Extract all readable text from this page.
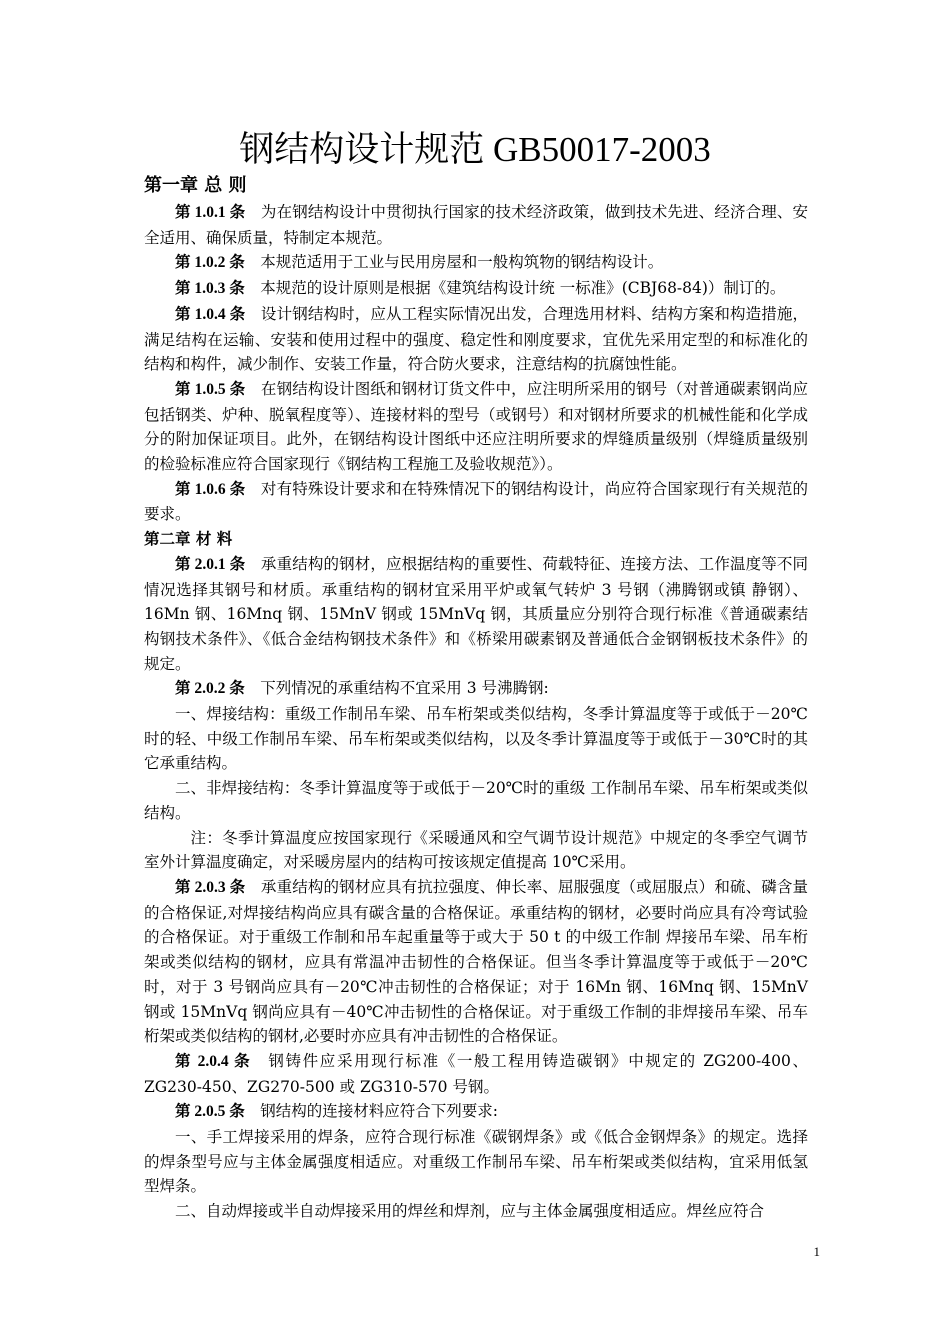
钢结构设计规范 GB50017-2003
第一章 总 则

第 1.0.1 条 为在钢结构设计中贯彻执行国家的技术经济政策，做到技术先进、经济合理、安全适用、确保质量，特制定本规范。

第 1.0.2 条 本规范适用于工业与民用房屋和一般构筑物的钢结构设计。

第 1.0.3 条 本规范的设计原则是根据《建筑结构设计统 一标准》(CBJ68-84)）制订的。

第 1.0.4 条 设计钢结构时，应从工程实际情况出发，合理选用材料、结构方案和构造措施，满足结构在运输、安装和使用过程中的强度、稳定性和刚度要求，宜优先采用定型的和标准化的结构和构件，减少制作、安装工作量，符合防火要求，注意结构的抗腐蚀性能。

第 1.0.5 条 在钢结构设计图纸和钢材订货文件中，应注明所采用的钢号（对普通碳素钢尚应包括钢类、炉种、脱氧程度等）、连接材料的型号（或钢号）和对钢材所要求的机械性能和化学成分的附加保证项目。此外，在钢结构设计图纸中还应注明所要求的焊缝质量级别（焊缝质量级别的检验标准应符合国家现行《钢结构工程施工及验收规范》）。

第 1.0.6 条 对有特殊设计要求和在特殊情况下的钢结构设计，尚应符合国家现行有关规范的要求。

第二章 材 料

第 2.0.1 条 承重结构的钢材，应根据结构的重要性、荷载特征、连接方法、工作温度等不同情况选择其钢号和材质。承重结构的钢材宜采用平炉或氧气转炉 3 号钢（沸腾钢或镇 静钢）、16Mn 钢、16Mnq 钢、15MnV 钢或 15MnVq 钢，其质量应分别符合现行标准《普通碳素结构钢技术条件》、《低合金结构钢技术条件》和《桥梁用碳素钢及普通低合金钢钢板技术条件》的规定。

第 2.0.2 条 下列情况的承重结构不宜采用 3 号沸腾钢:

一、焊接结构：重级工作制吊车梁、吊车桁架或类似结构，冬季计算温度等于或低于－20℃时的轻、中级工作制吊车梁、吊车桁架或类似结构，以及冬季计算温度等于或低于－30℃时的其它承重结构。

二、非焊接结构：冬季计算温度等于或低于－20℃时的重级 工作制吊车梁、吊车桁架或类似结构。

注：冬季计算温度应按国家现行《采暖通风和空气调节设计规范》中规定的冬季空气调节室外计算温度确定，对采暖房屋内的结构可按该规定值提高 10℃采用。

第 2.0.3 条 承重结构的钢材应具有抗拉强度、伸长率、屈服强度（或屈服点）和硫、磷含量的合格保证,对焊接结构尚应具有碳含量的合格保证。承重结构的钢材，必要时尚应具有冷弯试验的合格保证。对于重级工作制和吊车起重量等于或大于 50 t 的中级工作制 焊接吊车梁、吊车桁架或类似结构的钢材，应具有常温冲击韧性的合格保证。但当冬季计算温度等于或低于－20℃时，对于 3 号钢尚应具有－20℃冲击韧性的合格保证；对于 16Mn 钢、16Mnq 钢、15MnV 钢或 15MnVq 钢尚应具有－40℃冲击韧性的合格保证。对于重级工作制的非焊接吊车梁、吊车桁架或类似结构的钢材,必要时亦应具有冲击韧性的合格保证。

第 2.0.4 条 钢铸件应采用现行标准《一般工程用铸造碳钢》中规定的 ZG200-400、ZG230-450、ZG270-500 或 ZG310-570 号钢。

第 2.0.5 条 钢结构的连接材料应符合下列要求:

一、手工焊接采用的焊条，应符合现行标准《碳钢焊条》或《低合金钢焊条》的规定。选择的焊条型号应与主体金属强度相适应。对重级工作制吊车梁、吊车桁架或类似结构，宜采用低氢型焊条。

二、自动焊接或半自动焊接采用的焊丝和焊剂，应与主体金属强度相适应。焊丝应符合

1
